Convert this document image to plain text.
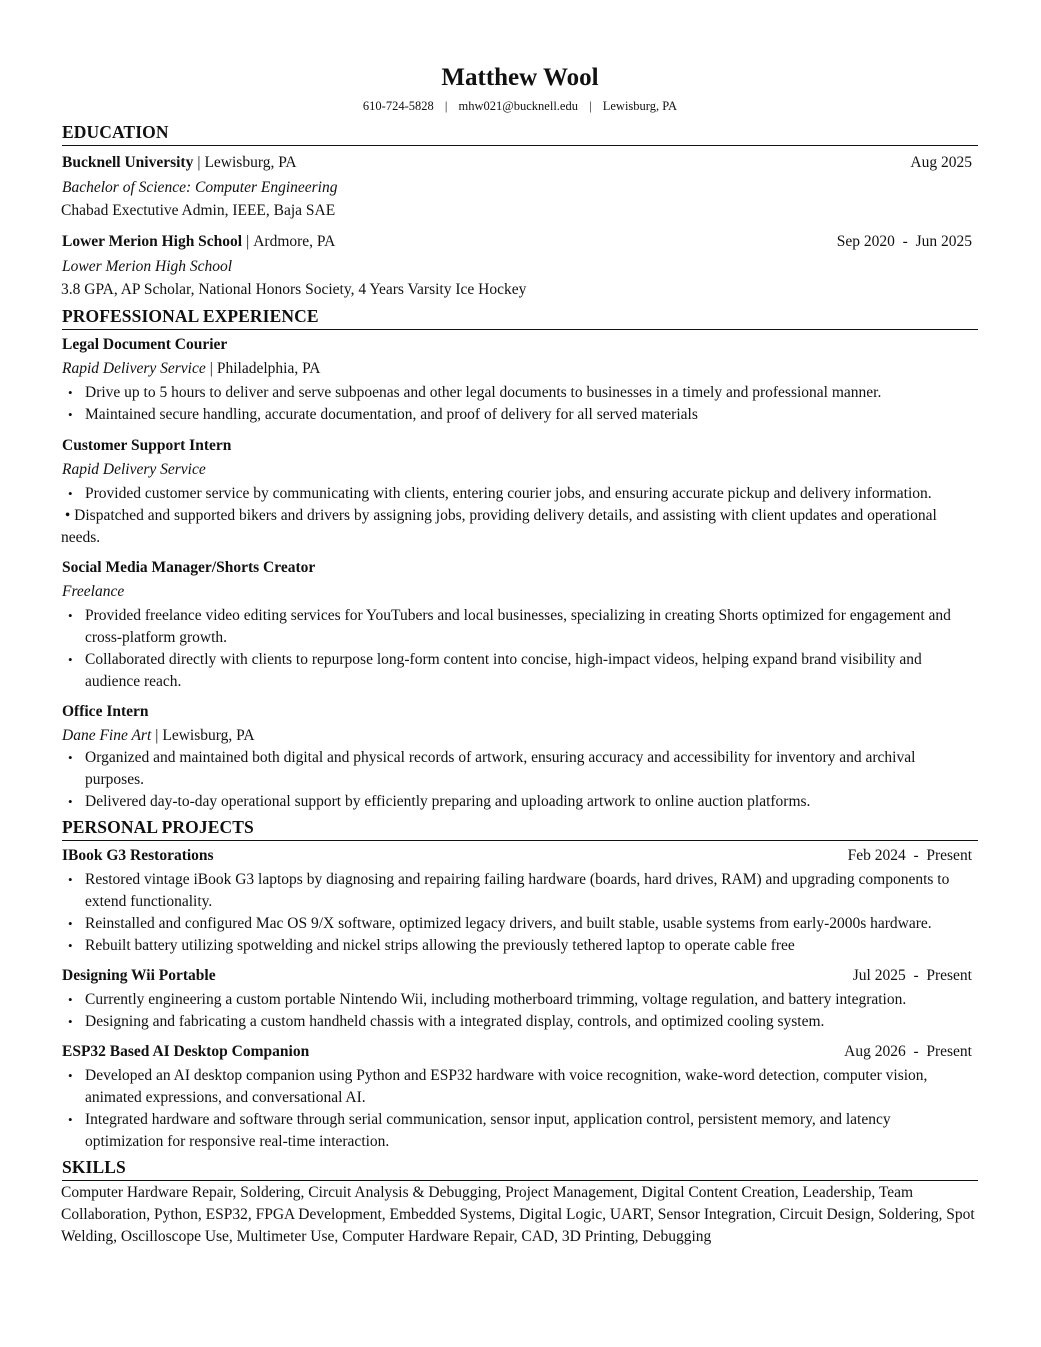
Matthew Wool
610-724-5828 | mhw021@bucknell.edu | Lewisburg, PA
EDUCATION
Bucknell University | Lewisburg, PA	Aug 2025
Bachelor of Science: Computer Engineering
Chabad Exectutive Admin, IEEE, Baja SAE
Lower Merion High School | Ardmore, PA	Sep 2020  -  Jun 2025
Lower Merion High School
3.8 GPA, AP Scholar, National Honors Society, 4 Years Varsity Ice Hockey
PROFESSIONAL EXPERIENCE
Legal Document Courier
Rapid Delivery Service | Philadelphia, PA
• Drive up to 5 hours to deliver and serve subpoenas and other legal documents to businesses in a timely and professional manner.
• Maintained secure handling, accurate documentation, and proof of delivery for all served materials
Customer Support Intern
Rapid Delivery Service
• Provided customer service by communicating with clients, entering courier jobs, and ensuring accurate pickup and delivery information.
• Dispatched and supported bikers and drivers by assigning jobs, providing delivery details, and assisting with client updates and operational needs.
Social Media Manager/Shorts Creator
Freelance
• Provided freelance video editing services for YouTubers and local businesses, specializing in creating Shorts optimized for engagement and cross-platform growth.
• Collaborated directly with clients to repurpose long-form content into concise, high-impact videos, helping expand brand visibility and audience reach.
Office Intern
Dane Fine Art | Lewisburg, PA
• Organized and maintained both digital and physical records of artwork, ensuring accuracy and accessibility for inventory and archival purposes.
• Delivered day-to-day operational support by efficiently preparing and uploading artwork to online auction platforms.
PERSONAL PROJECTS
IBook G3 Restorations	Feb 2024  -  Present
• Restored vintage iBook G3 laptops by diagnosing and repairing failing hardware (boards, hard drives, RAM) and upgrading components to extend functionality.
• Reinstalled and configured Mac OS 9/X software, optimized legacy drivers, and built stable, usable systems from early-2000s hardware.
• Rebuilt battery utilizing spotwelding and nickel strips allowing the previously tethered laptop to operate cable free
Designing Wii Portable	Jul 2025  -  Present
• Currently engineering a custom portable Nintendo Wii, including motherboard trimming, voltage regulation, and battery integration.
• Designing and fabricating a custom handheld chassis with a integrated display, controls, and optimized cooling system.
ESP32 Based AI Desktop Companion	Aug 2026  -  Present
• Developed an AI desktop companion using Python and ESP32 hardware with voice recognition, wake-word detection, computer vision, animated expressions, and conversational AI.
• Integrated hardware and software through serial communication, sensor input, application control, persistent memory, and latency optimization for responsive real-time interaction.
SKILLS
Computer Hardware Repair, Soldering, Circuit Analysis & Debugging, Project Management, Digital Content Creation, Leadership, Team Collaboration, Python, ESP32, FPGA Development, Embedded Systems, Digital Logic, UART, Sensor Integration, Circuit Design, Soldering, Spot Welding, Oscilloscope Use, Multimeter Use, Computer Hardware Repair, CAD, 3D Printing, Debugging
